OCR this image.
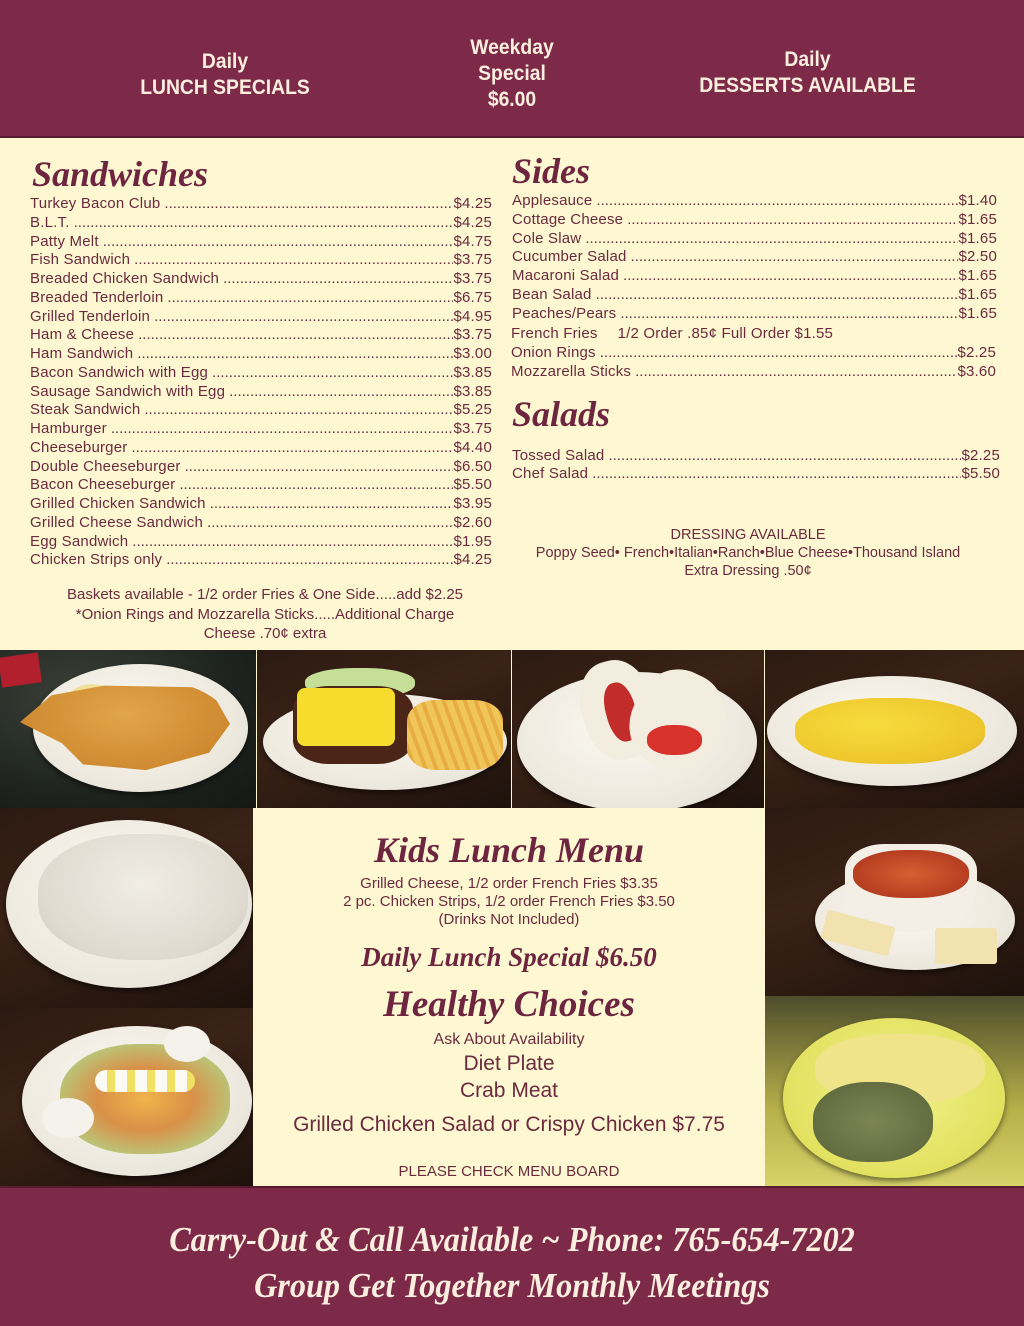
Daily
LUNCH SPECIALS
Weekday
Special
$6.00
Daily
DESSERTS AVAILABLE
Sandwiches
Turkey Bacon Club .....	$4.25
B.L.T. .....	$4.25
Patty Melt .....	$4.75
Fish Sandwich .....	$3.75
Breaded Chicken Sandwich .....	$3.75
Breaded Tenderloin .....	$6.75
Grilled Tenderloin .....	$4.95
Ham & Cheese .....	$3.75
Ham Sandwich .....	$3.00
Bacon Sandwich with Egg .....	$3.85
Sausage Sandwich with Egg .....	$3.85
Steak Sandwich .....	$5.25
Hamburger .....	$3.75
Cheeseburger .....	$4.40
Double Cheeseburger .....	$6.50
Bacon Cheeseburger .....	$5.50
Grilled Chicken Sandwich .....	$3.95
Grilled Cheese Sandwich .....	$2.60
Egg Sandwich .....	$1.95
Chicken Strips only .....	$4.25
Baskets available - 1/2 order Fries & One Side.....add $2.25
*Onion Rings and Mozzarella Sticks.....Additional Charge
Cheese .70¢ extra
Sides
Applesauce .....	$1.40
Cottage Cheese .....	$1.65
Cole Slaw .....	$1.65
Cucumber Salad .....	$2.50
Macaroni Salad .....	$1.65
Bean Salad .....	$1.65
Peaches/Pears .....	$1.65
French Fries	1/2 Order .85¢ Full Order $1.55
Onion Rings .....	$2.25
Mozzarella Sticks .....	$3.60
Salads
Tossed Salad .....	$2.25
Chef Salad .....	$5.50
DRESSING AVAILABLE
Poppy Seed• French•Italian•Ranch•Blue Cheese•Thousand Island
Extra Dressing .50¢
Kids Lunch Menu
Grilled Cheese, 1/2 order French Fries $3.35
2 pc. Chicken Strips, 1/2 order French Fries $3.50
(Drinks Not Included)
Daily Lunch Special $6.50
Healthy Choices
Ask About Availability
Diet Plate
Crab Meat
Grilled Chicken Salad or Crispy Chicken $7.75
PLEASE CHECK MENU BOARD
Carry-Out & Call Available ~ Phone: 765-654-7202
Group Get Together Monthly Meetings
